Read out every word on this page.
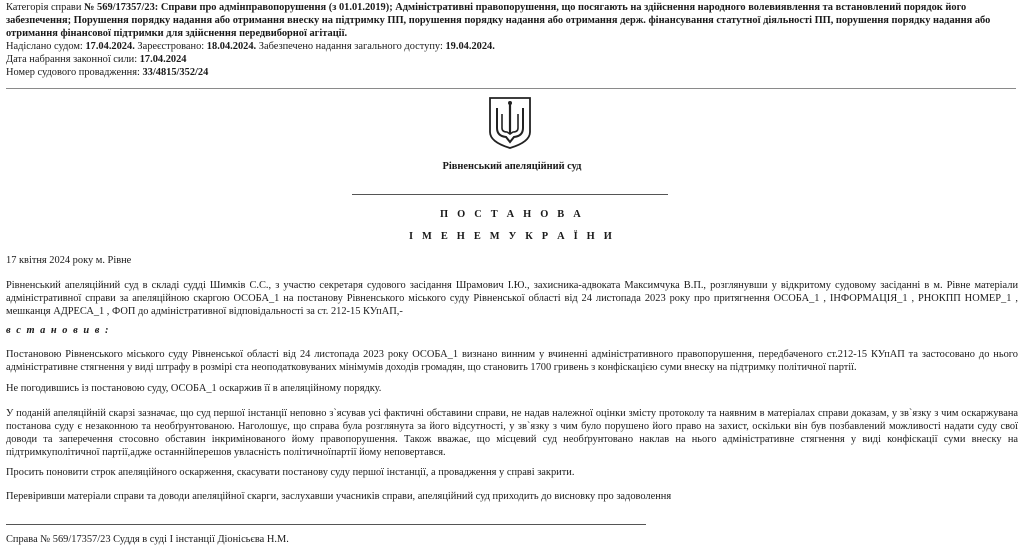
Категорія справи № 569/17357/23: Справи про адмінправопорушення (з 01.01.2019); Адміністративні правопорушення, що посягають на здійснення народного волевиявлення та встановлений порядок його забезпечення; Порушення порядку надання або отримання внеску на підтримку ПП, порушення порядку надання або отримання держ. фінансування статутної діяльності ПП, порушення порядку надання або отримання фінансової підтримки для здійснення передвиборної агітації.
Надіслано судом: 17.04.2024. Зареєстровано: 18.04.2024. Забезпечено надання загального доступу: 19.04.2024.
Дата набрання законної сили: 17.04.2024
Номер судового провадження: 33/4815/352/24
Рівненський апеляційний суд
П О С Т А Н О В А
І М Е Н Е М У К Р А Ї Н И
17 квітня 2024 року м. Рівне
Рівненський апеляційний суд в складі судді Шимків С.С., з участю секретаря судового засідання Шрамович І.Ю., захисника-адвоката Максимчука В.П., розглянувши у відкритому судовому засіданні в м. Рівне матеріали адміністративної справи за апеляційною скаргою ОСОБА_1 на постанову Рівненського міського суду Рівненської області від 24 листопада 2023 року про притягнення ОСОБА_1 , ІНФОРМАЦІЯ_1 , РНОКПП НОМЕР_1 , мешканця АДРЕСА_1 , ФОП до адміністративної відповідальності за ст. 212-15 КУпАП,-
в с т а н о в и в :
Постановою Рівненського міського суду Рівненської області від 24 листопада 2023 року ОСОБА_1 визнано винним у вчиненні адміністративного правопорушення, передбаченого ст.212-15 КУпАП та застосовано до нього адміністративне стягнення у виді штрафу в розмірі ста неоподатковуваних мінімумів доходів громадян, що становить 1700 гривень з конфіскацією суми внеску на підтримку політичної партії.
Не погодившись із постановою суду, ОСОБА_1 оскаржив її в апеляційному порядку.
У поданій апеляційній скарзі зазначає, що суд першої інстанції неповно з`ясував усі фактичні обставини справи, не надав належної оцінки змісту протоколу та наявним в матеріалах справи доказам, у зв`язку з чим оскаржувана постанова суду є незаконною та необґрунтованою. Наголошує, що справа була розглянута за його відсутності, у зв`язку з чим було порушено його право на захист, оскільки він був позбавлений можливості надати суду свої доводи та заперечення стосовно обставин інкримінованого йому правопорушення. Також вважає, що місцевий суд необґрунтовано наклав на нього адміністративне стягнення у виді конфіскації суми внеску на підтримкуполітичної партії,адже останнійперешов увласність політичноїпартії йому неповертався.
Просить поновити строк апеляційного оскарження, скасувати постанову суду першої інстанції, а провадження у справі закрити.
Перевіривши матеріали справи та доводи апеляційної скарги, заслухавши учасників справи, апеляційний суд приходить до висновку про задоволення
Справа № 569/17357/23 Суддя в суді І інстанції Діонісьєва Н.М.
